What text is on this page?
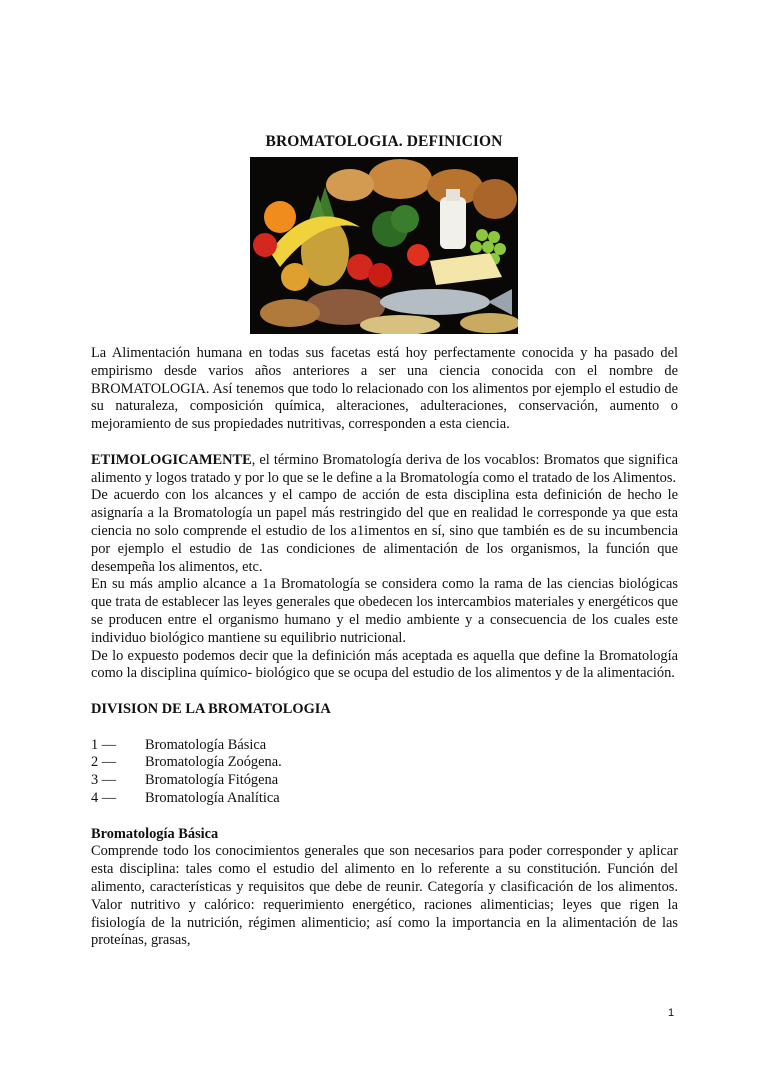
BROMATOLOGIA. DEFINICION

La Alimentación humana en todas sus facetas está hoy perfectamente conocida y ha pasado del empirismo desde varios años anteriores a ser una ciencia conocida con el nombre de BROMATOLOGIA. Así tenemos que todo lo relacionado con los alimentos por ejemplo el estudio de su naturaleza, composición química, alteraciones, adulteraciones, conservación, aumento o mejoramiento de sus propiedades nutritivas, corresponden a esta ciencia.

ETIMOLOGICAMENTE, el término Bromatología deriva de los vocablos: Bromatos que significa alimento y logos tratado y por lo que se le define a la Bromatología como el tratado de los Alimentos.

De acuerdo con los alcances y el campo de acción de esta disciplina esta definición de hecho le asignaría a la Bromatología un papel más restringido del que en realidad le corresponde ya que esta ciencia no solo comprende el estudio de los a1imentos en sí, sino que también es de su incumbencia por ejemplo el estudio de 1as condiciones de alimentación de los organismos, la función que desempeña los alimentos, etc.

En su más amplio alcance a 1a Bromatología se considera como la rama de las ciencias biológicas que trata de establecer las leyes generales que obedecen los intercambios materiales y energéticos que se producen entre el organismo humano y el medio ambiente y a consecuencia de los cuales este individuo biológico mantiene su equilibrio nutricional.

De lo expuesto podemos decir que la definición más aceptada es aquella que define la Bromatología como la disciplina químico- biológico que se ocupa del estudio de los alimentos y de la alimentación.

DIVISION DE LA BROMATOLOGIA

1 —	Bromatología Básica
2 —	Bromatología Zoógena.
3 —	Bromatología Fitógena
4 —	Bromatología Analítica

Bromatología Básica

Comprende todo los conocimientos generales que son necesarios para poder corresponder y aplicar esta disciplina: tales como el estudio del alimento en lo referente a su constitución. Función del alimento, características y requisitos que debe de reunir. Categoría y clasificación de los alimentos. Valor nutritivo y calórico: requerimiento energético, raciones alimenticias; leyes que rigen la fisiología de la nutrición, régimen alimenticio; así como la importancia en la alimentación de las proteínas, grasas,

1
